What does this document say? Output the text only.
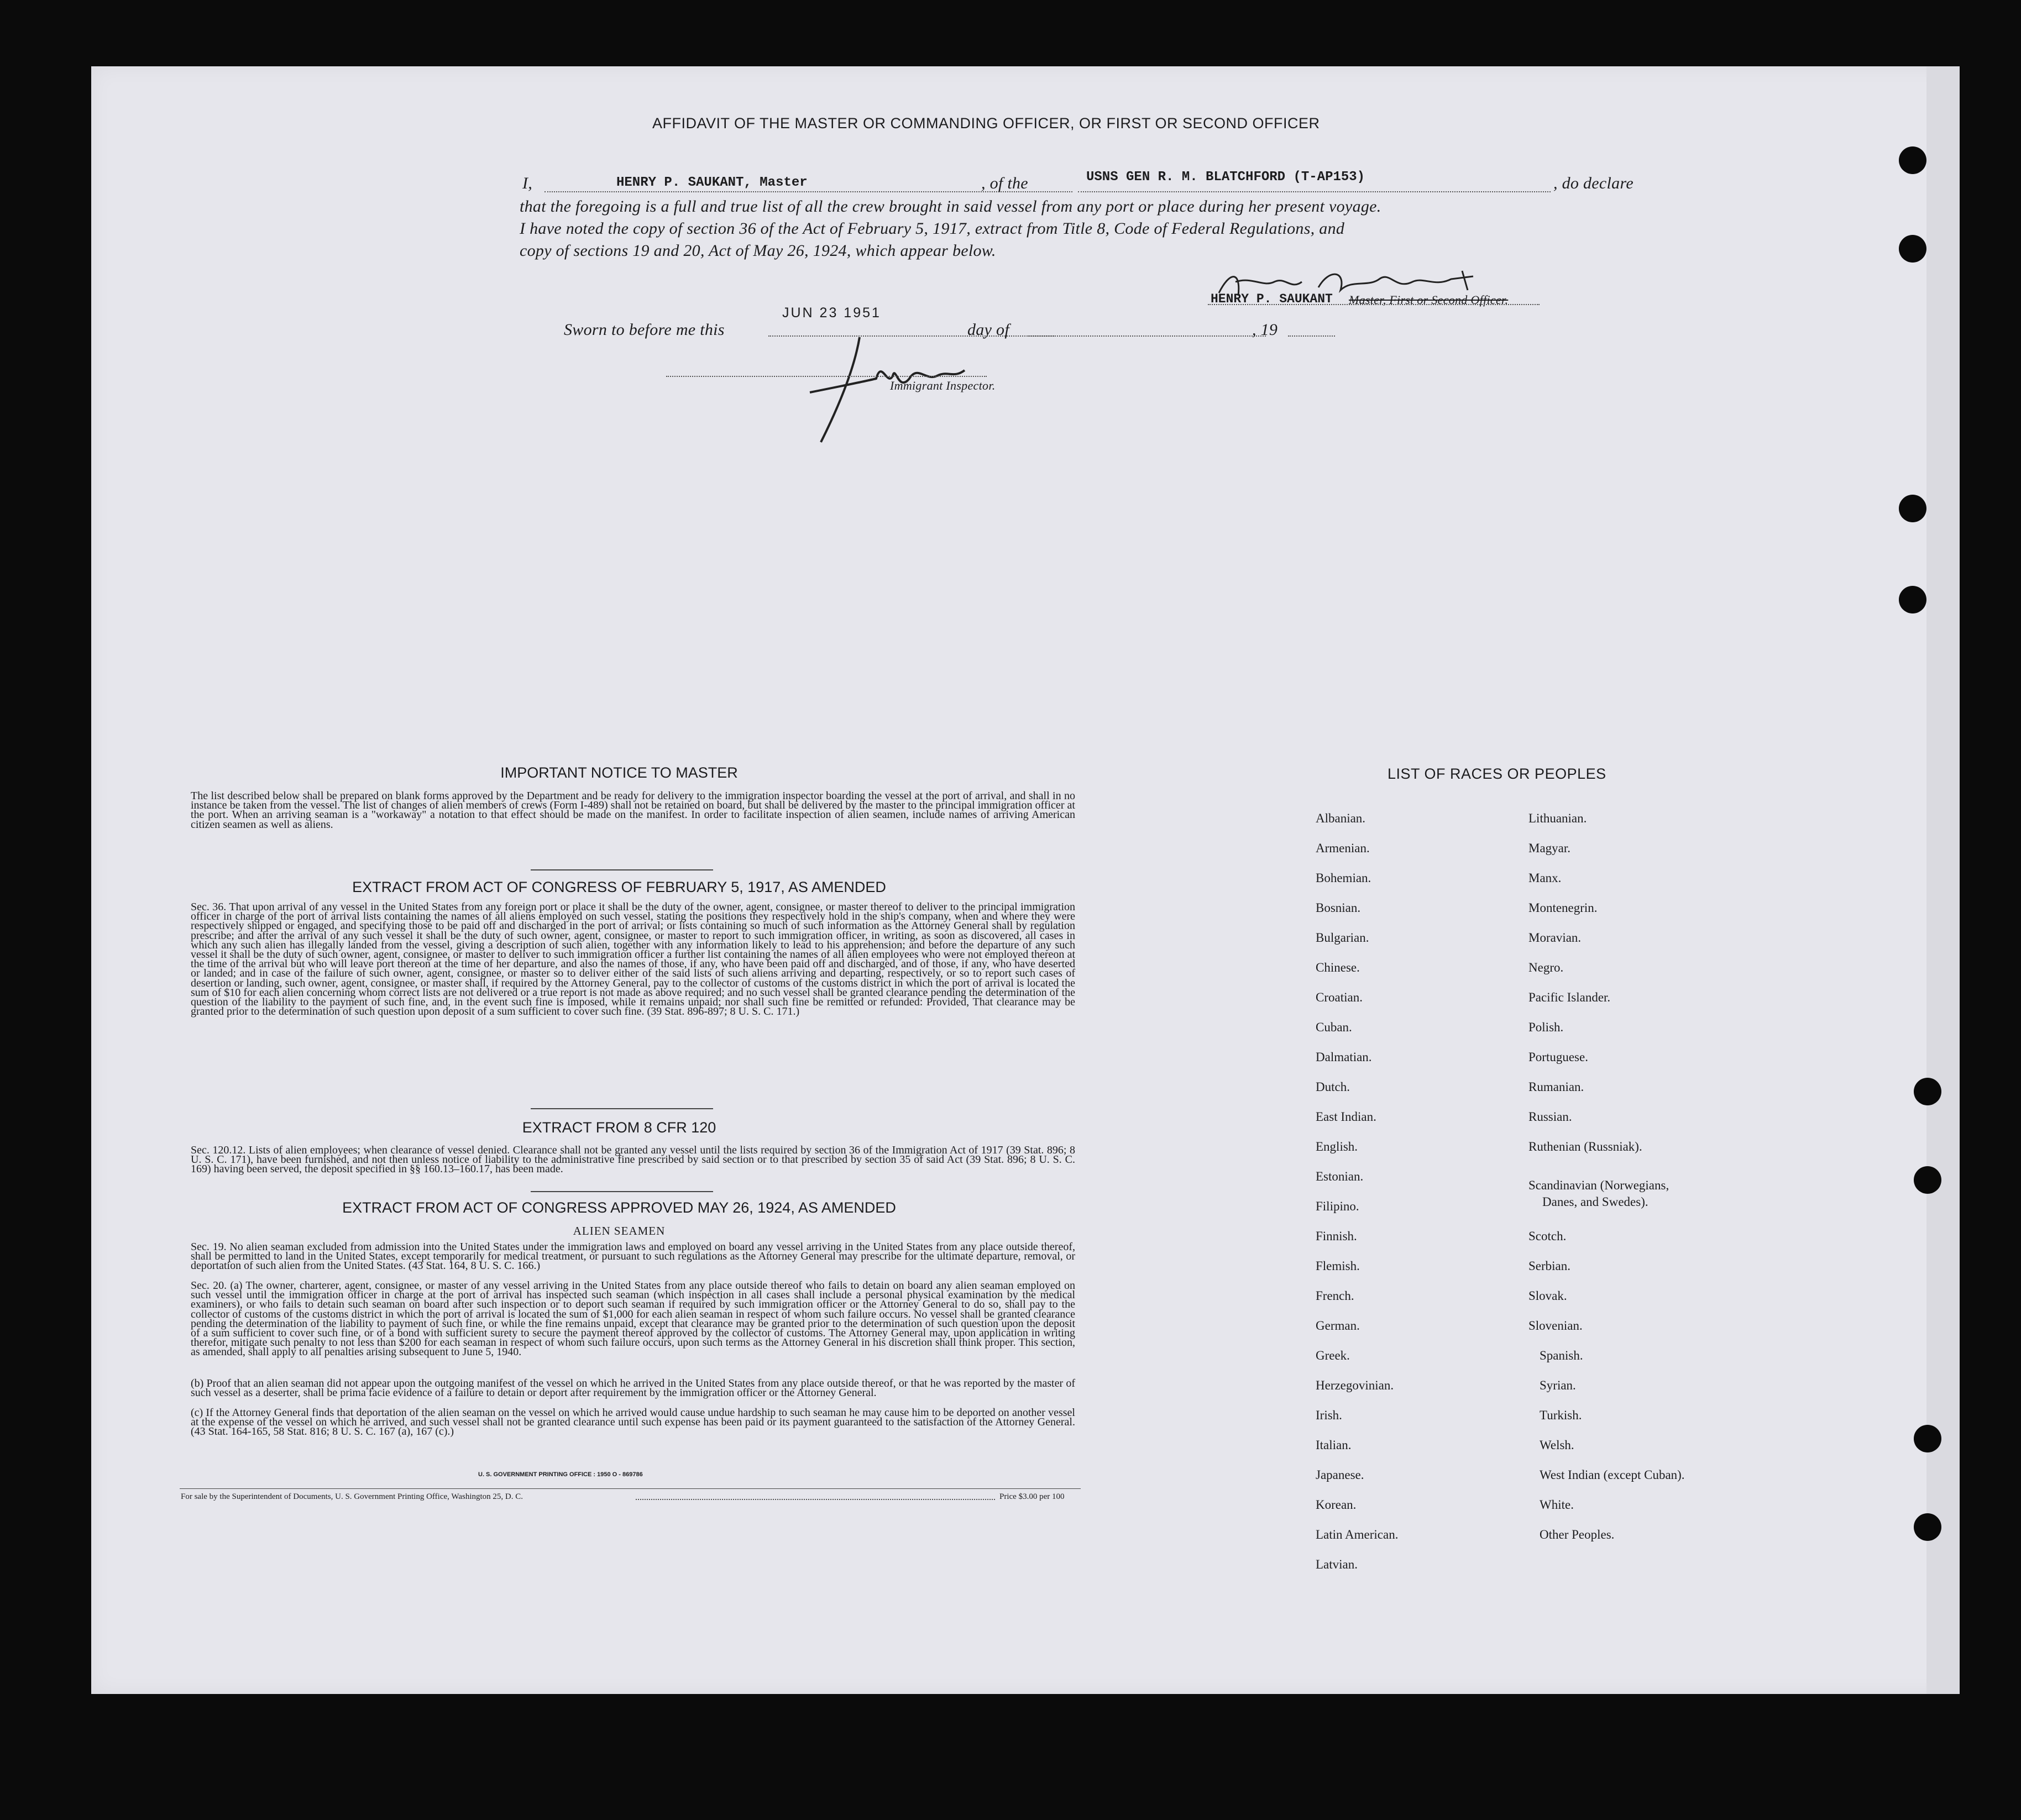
AFFIDAVIT OF THE MASTER OR COMMANDING OFFICER, OR FIRST OR SECOND OFFICER
I,	HENRY P. SAUKANT, Master	, of the	USNS GEN R. M. BLATCHFORD (T-AP153)	, do declare
that the foregoing is a full and true list of all the crew brought in said vessel from any port or place during her present voyage.
I have noted the copy of section 36 of the Act of February 5, 1917, extract from Title 8, Code of Federal Regulations, and
copy of sections 19 and 20, Act of May 26, 1924, which appear below.
HENRY P. SAUKANT Master, First or Second Officer.
Sworn to before me this
JUN 23 1951
day of	, 19
Immigrant Inspector.
IMPORTANT NOTICE TO MASTER
The list described below shall be prepared on blank forms approved by the Department and be ready for delivery to the immigration inspector boarding the vessel at the port of arrival, and shall in no instance be taken from the vessel. The list of changes of alien members of crews (Form I-489) shall not be retained on board, but shall be delivered by the master to the principal immigration officer at the port. When an arriving seaman is a "workaway" a notation to that effect should be made on the manifest. In order to facilitate inspection of alien seamen, include names of arriving American citizen seamen as well as aliens.
EXTRACT FROM ACT OF CONGRESS OF FEBRUARY 5, 1917, AS AMENDED
Sec. 36. That upon arrival of any vessel in the United States from any foreign port or place it shall be the duty of the owner, agent, consignee, or master thereof to deliver to the principal immigration officer in charge of the port of arrival lists containing the names of all aliens employed on such vessel, stating the positions they respectively hold in the ship's company, when and where they were respectively shipped or engaged, and specifying those to be paid off and discharged in the port of arrival; or lists containing so much of such information as the Attorney General shall by regulation prescribe; and after the arrival of any such vessel it shall be the duty of such owner, agent, consignee, or master to report to such immigration officer, in writing, as soon as discovered, all cases in which any such alien has illegally landed from the vessel, giving a description of such alien, together with any information likely to lead to his apprehension; and before the departure of any such vessel it shall be the duty of such owner, agent, consignee, or master to deliver to such immigration officer a further list containing the names of all alien employees who were not employed thereon at the time of the arrival but who will leave port thereon at the time of her departure, and also the names of those, if any, who have been paid off and discharged, and of those, if any, who have deserted or landed; and in case of the failure of such owner, agent, consignee, or master so to deliver either of the said lists of such aliens arriving and departing, respectively, or so to report such cases of desertion or landing, such owner, agent, consignee, or master shall, if required by the Attorney General, pay to the collector of customs of the customs district in which the port of arrival is located the sum of $10 for each alien concerning whom correct lists are not delivered or a true report is not made as above required; and no such vessel shall be granted clearance pending the determination of the question of the liability to the payment of such fine, and, in the event such fine is imposed, while it remains unpaid; nor shall such fine be remitted or refunded: Provided, That clearance may be granted prior to the determination of such question upon deposit of a sum sufficient to cover such fine. (39 Stat. 896-897; 8 U. S. C. 171.)
EXTRACT FROM 8 CFR 120
Sec. 120.12. Lists of alien employees; when clearance of vessel denied. Clearance shall not be granted any vessel until the lists required by section 36 of the Immigration Act of 1917 (39 Stat. 896; 8 U. S. C. 171), have been furnished, and not then unless notice of liability to the administrative fine prescribed by said section or to that prescribed by section 35 of said Act (39 Stat. 896; 8 U. S. C. 169) having been served, the deposit specified in §§ 160.13–160.17, has been made.
EXTRACT FROM ACT OF CONGRESS APPROVED MAY 26, 1924, AS AMENDED
ALIEN SEAMEN
Sec. 19. No alien seaman excluded from admission into the United States under the immigration laws and employed on board any vessel arriving in the United States from any place outside thereof, shall be permitted to land in the United States, except temporarily for medical treatment, or pursuant to such regulations as the Attorney General may prescribe for the ultimate departure, removal, or deportation of such alien from the United States. (43 Stat. 164, 8 U. S. C. 166.)
Sec. 20. (a) The owner, charterer, agent, consignee, or master of any vessel arriving in the United States from any place outside thereof who fails to detain on board any alien seaman employed on such vessel until the immigration officer in charge at the port of arrival has inspected such seaman (which inspection in all cases shall include a personal physical examination by the medical examiners), or who fails to detain such seaman on board after such inspection or to deport such seaman if required by such immigration officer or the Attorney General to do so, shall pay to the collector of customs of the customs district in which the port of arrival is located the sum of $1,000 for each alien seaman in respect of whom such failure occurs. No vessel shall be granted clearance pending the determination of the liability to payment of such fine, or while the fine remains unpaid, except that clearance may be granted prior to the determination of such question upon the deposit of a sum sufficient to cover such fine, or of a bond with sufficient surety to secure the payment thereof approved by the collector of customs. The Attorney General may, upon application in writing therefor, mitigate such penalty to not less than $200 for each seaman in respect of whom such failure occurs, upon such terms as the Attorney General in his discretion shall think proper. This section, as amended, shall apply to all penalties arising subsequent to June 5, 1940.
(b) Proof that an alien seaman did not appear upon the outgoing manifest of the vessel on which he arrived in the United States from any place outside thereof, or that he was reported by the master of such vessel as a deserter, shall be prima facie evidence of a failure to detain or deport after requirement by the immigration officer or the Attorney General.
(c) If the Attorney General finds that deportation of the alien seaman on the vessel on which he arrived would cause undue hardship to such seaman he may cause him to be deported on another vessel at the expense of the vessel on which he arrived, and such vessel shall not be granted clearance until such expense has been paid or its payment guaranteed to the satisfaction of the Attorney General. (43 Stat. 164-165, 58 Stat. 816; 8 U. S. C. 167 (a), 167 (c).)
U. S. GOVERNMENT PRINTING OFFICE : 1950 O - 869786
For sale by the Superintendent of Documents, U. S. Government Printing Office, Washington 25, D. C.	Price $3.00 per 100
LIST OF RACES OR PEOPLES
Albanian.
Armenian.
Bohemian.
Bosnian.
Bulgarian.
Chinese.
Croatian.
Cuban.
Dalmatian.
Dutch.
East Indian.
English.
Estonian.
Filipino.
Finnish.
Flemish.
French.
German.
Greek.
Herzegovinian.
Irish.
Italian.
Japanese.
Korean.
Latin American.
Latvian.
Lithuanian.
Magyar.
Manx.
Montenegrin.
Moravian.
Negro.
Pacific Islander.
Polish.
Portuguese.
Rumanian.
Russian.
Ruthenian (Russniak).
Scandinavian (Norwegians,
Danes, and Swedes).
Scotch.
Serbian.
Slovak.
Slovenian.
Spanish.
Syrian.
Turkish.
Welsh.
West Indian (except Cuban).
White.
Other Peoples.
